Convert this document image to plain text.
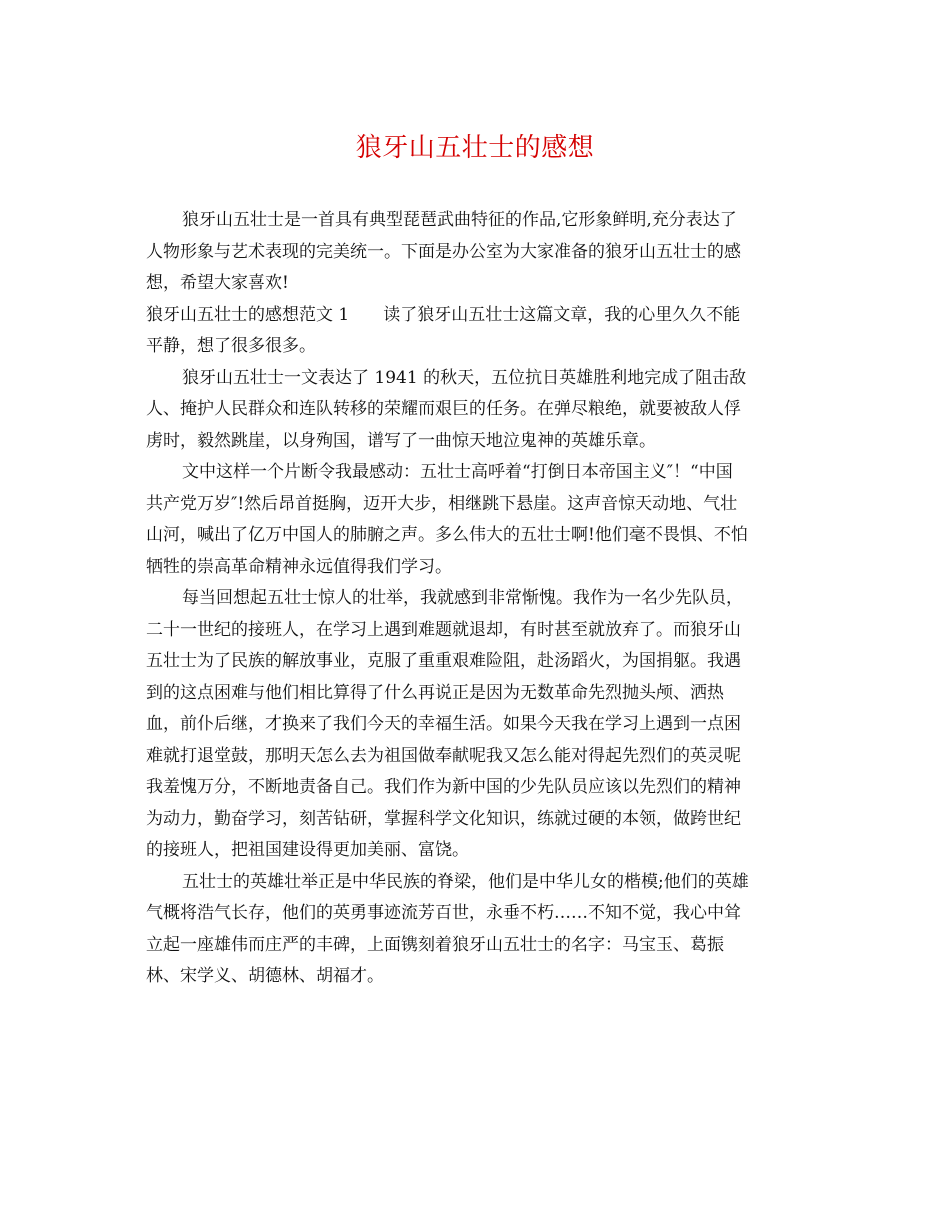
狼牙山五壮士的感想

狼牙山五壮士是一首具有典型琵琶武曲特征的作品,它形象鲜明,充分表达了
人物形象与艺术表现的完美统一。下面是办公室为大家准备的狼牙山五壮士的感
想，希望大家喜欢!

狼牙山五壮士的感想范文 1　　读了狼牙山五壮士这篇文章，我的心里久久不能
平静，想了很多很多。

狼牙山五壮士一文表达了 1941 的秋天，五位抗日英雄胜利地完成了阻击敌
人、掩护人民群众和连队转移的荣耀而艰巨的任务。在弹尽粮绝，就要被敌人俘
虏时，毅然跳崖，以身殉国，谱写了一曲惊天地泣鬼神的英雄乐章。

文中这样一个片断令我最感动：五壮士高呼着“打倒日本帝国主义″！“中国
共产党万岁″!然后昂首挺胸，迈开大步，相继跳下悬崖。这声音惊天动地、气壮
山河，喊出了亿万中国人的肺腑之声。多么伟大的五壮士啊!他们毫不畏惧、不怕
牺牲的崇高革命精神永远值得我们学习。

每当回想起五壮士惊人的壮举，我就感到非常惭愧。我作为一名少先队员，
二十一世纪的接班人，在学习上遇到难题就退却，有时甚至就放弃了。而狼牙山
五壮士为了民族的解放事业，克服了重重艰难险阻，赴汤蹈火，为国捐躯。我遇
到的这点困难与他们相比算得了什么再说正是因为无数革命先烈抛头颅、洒热
血，前仆后继，才换来了我们今天的幸福生活。如果今天我在学习上遇到一点困
难就打退堂鼓，那明天怎么去为祖国做奉献呢我又怎么能对得起先烈们的英灵呢
我羞愧万分，不断地责备自己。我们作为新中国的少先队员应该以先烈们的精神
为动力，勤奋学习，刻苦钻研，掌握科学文化知识，练就过硬的本领，做跨世纪
的接班人，把祖国建设得更加美丽、富饶。

五壮士的英雄壮举正是中华民族的脊梁，他们是中华儿女的楷模;他们的英雄
气概将浩气长存，他们的英勇事迹流芳百世，永垂不朽……不知不觉，我心中耸
立起一座雄伟而庄严的丰碑，上面镌刻着狼牙山五壮士的名字：马宝玉、葛振
林、宋学义、胡德林、胡福才。
